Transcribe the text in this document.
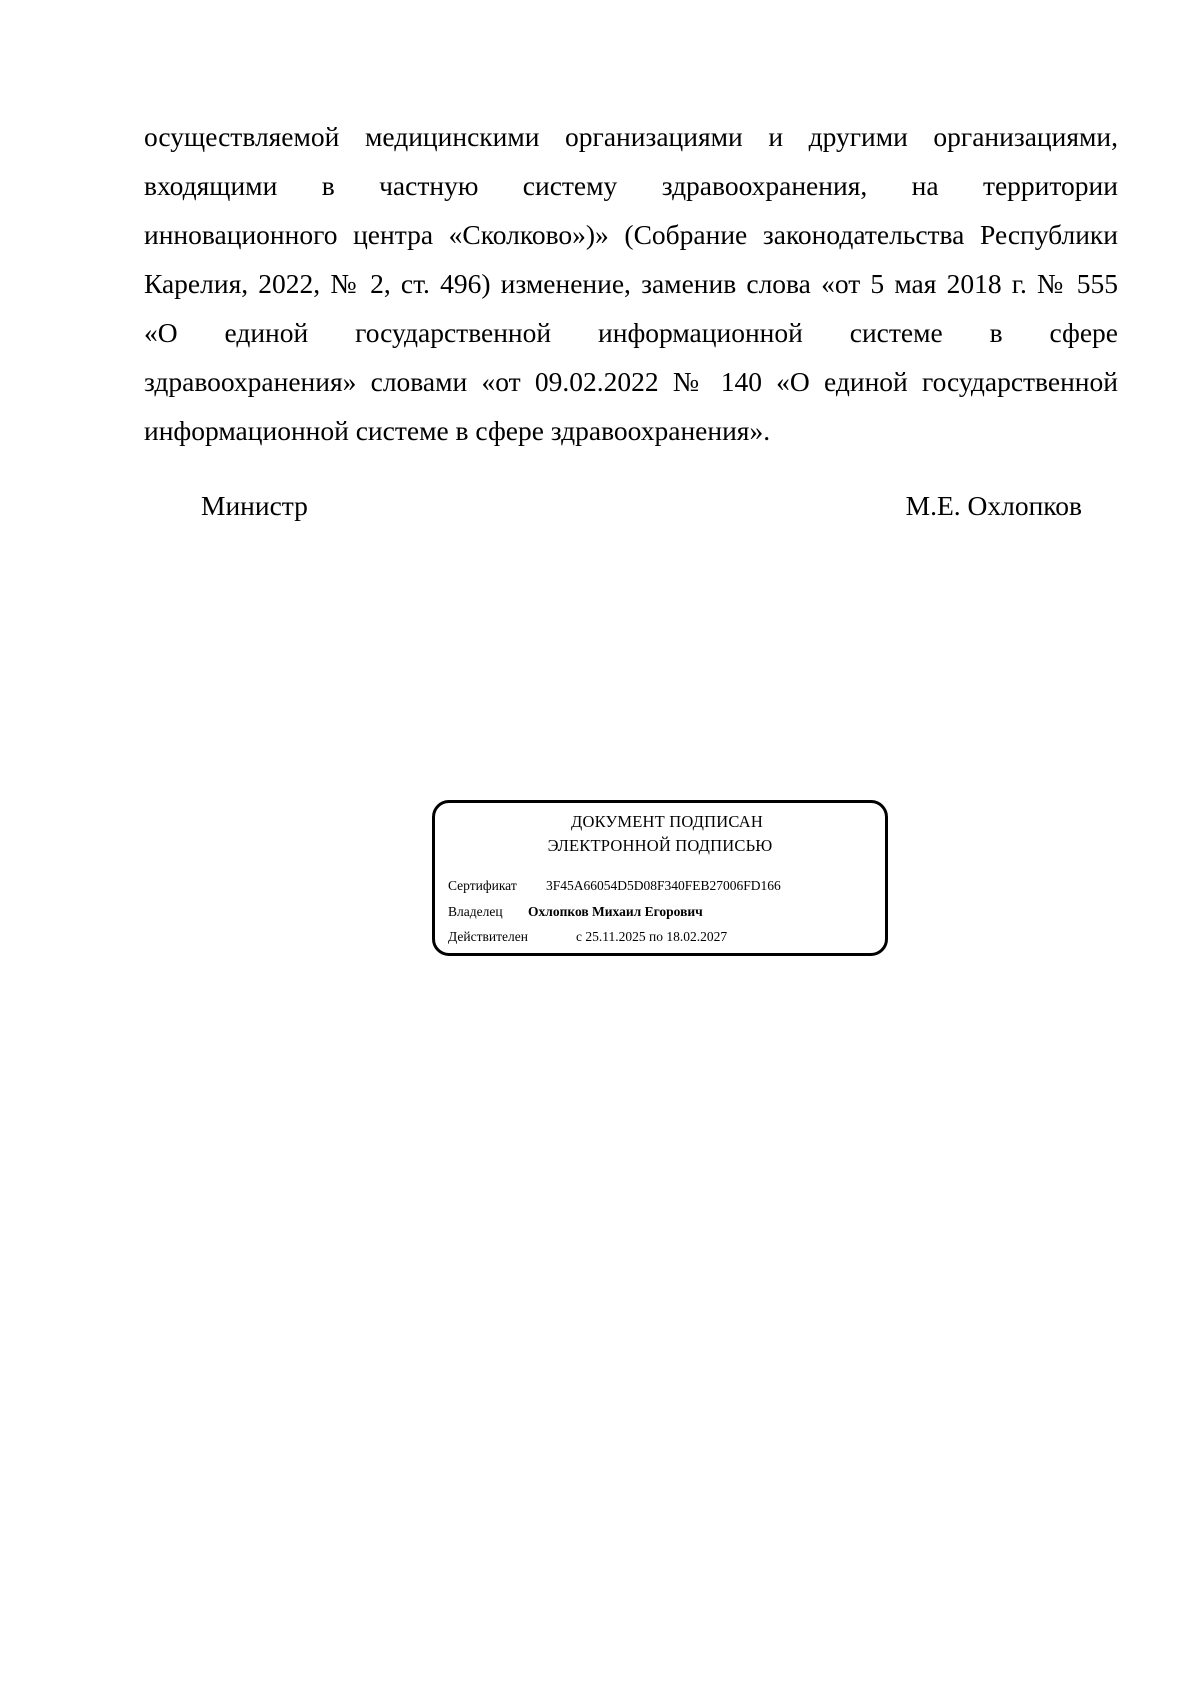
осуществляемой медицинскими организациями и другими организациями,
входящими в частную систему здравоохранения, на территории
инновационного центра «Сколково»)» (Собрание законодательства Республики
Карелия, 2022, № 2, ст. 496) изменение, заменив слова «от 5 мая 2018 г. № 555
«О единой государственной информационной системе в сфере
здравоохранения» словами «от 09.02.2022 № 140 «О единой государственной
информационной системе в сфере здравоохранения».

Министр	М.Е. Охлопков
ДОКУМЕНТ ПОДПИСАН
ЭЛЕКТРОННОЙ ПОДПИСЬЮ
Сертификат 3F45A66054D5D08F340FEB27006FD166
Владелец Охлопков Михаил Егорович
Действителен	с 25.11.2025 по 18.02.2027
